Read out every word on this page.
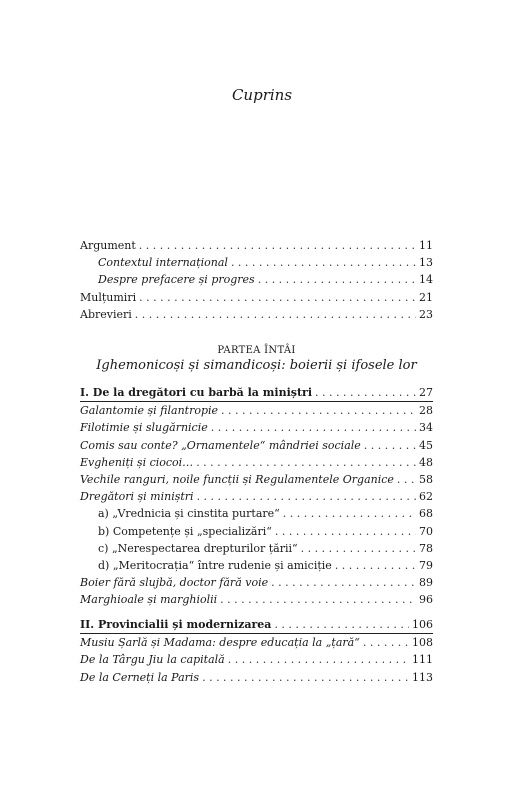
Cuprins
Argument . . .	11
Contextul internațional . . .	13
Despre prefacere și progres . . .	14
Mulțumiri . . .	21
Abrevieri . . .	23
PARTEA ÎNTÂI
Ighemonicoși și simandicoși: boierii și ifosele lor
I. De la dregători cu barbă la miniștri . . .	27
Galantomie și filantropie . . .	28
Filotimie și slugărnicie . . .	34
Comis sau conte? „Ornamentele“ mândriei sociale . . .	45
Evgheniți și ciocoi… . . .	48
Vechile ranguri, noile funcții și Regulamentele Organice . . . 58
Dregători și miniștri . . .	62
a) „Vrednicia și cinstita purtare“ . . .	68
b) Competențe și „specializări“ . . .	70
c) „Nerespectarea drepturilor țării“ . . .	78
d) „Meritocrația“ între rudenie și amiciție . . .	79
Boier fără slujbă, doctor fără voie . . .	89
Marghioale și marghiolii . . .	96
II. Provincialii și modernizarea . . .	106
Musiu Șarlă și Madama: despre educația la „țară“ . . .	108
De la Târgu Jiu la capitală . . .	111
De la Cerneți la Paris . . .	113
